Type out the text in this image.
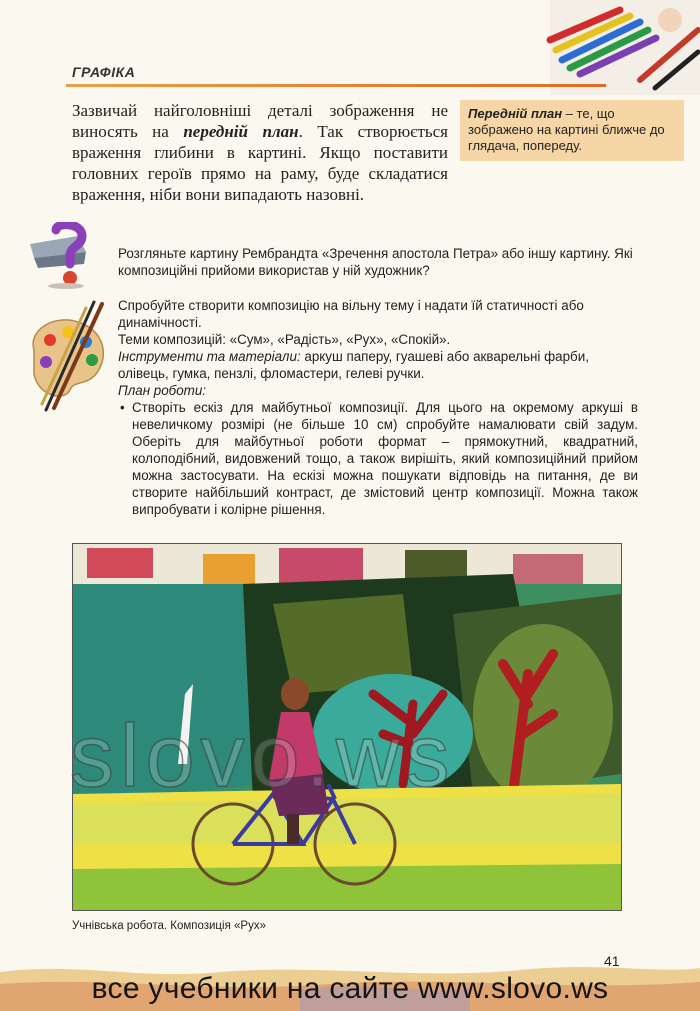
ГРАФІКА
Передній план – те, що зображено на картині ближче до глядача, попереду.
Зазвичай найголовніші деталі зображення не виносять на передній план. Так створюється враження глибини в картині. Якщо поставити головних героїв прямо на раму, буде складатися враження, ніби вони випадають назовні.
Розгляньте картину Рембрандта «Зречення апостола Петра» або іншу картину. Які композиційні прийоми використав у ній художник?
Спробуйте створити композицію на вільну тему і надати їй статичності або динамічності.
Теми композицій: «Сум», «Радість», «Рух», «Спокій».
Інструменти та матеріали: аркуш паперу, гуашеві або акварельні фарби, олівець, гумка, пензлі, фломастери, гелеві ручки.
План роботи:
• Створіть ескіз для майбутньої композиції. Для цього на окремому аркуші в невеличкому розмірі (не більше 10 см) спробуйте намалювати свій задум. Оберіть для майбутньої роботи формат – прямокутний, квадратний, колоподібний, видовжений тощо, а також вирішіть, який композиційний прийом можна застосувати. На ескізі можна пошукати відповідь на питання, де ви створите найбільший контраст, де змістовий центр композиції. Можна також випробувати і колірне рішення.
slovo.ws
Учнівська робота. Композиція «Рух»
41
все учебники на сайте www.slovo.ws
